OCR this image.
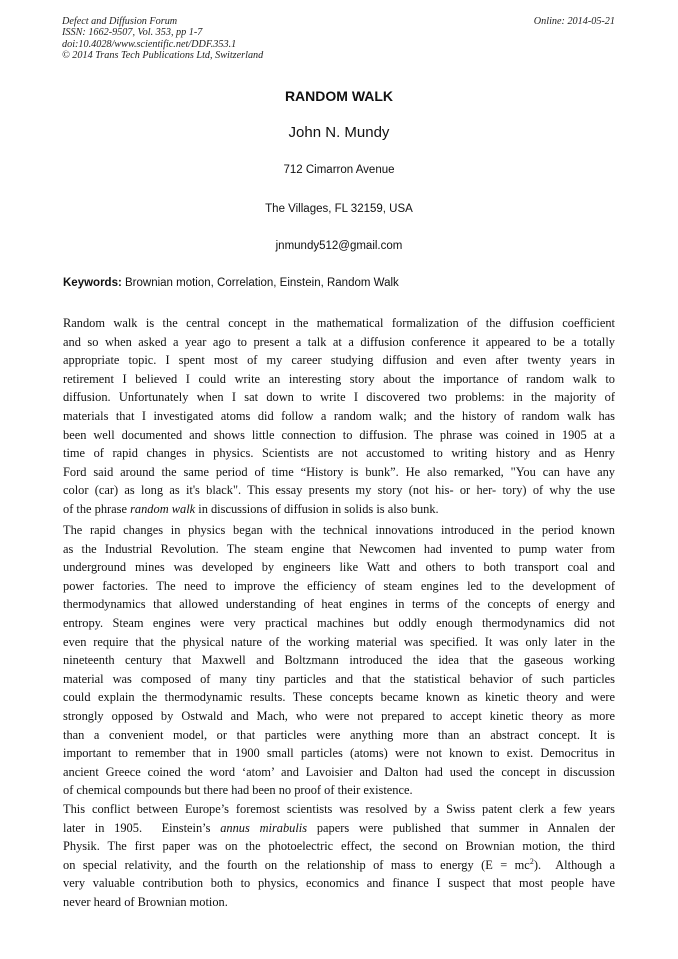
Defect and Diffusion Forum
ISSN: 1662-9507, Vol. 353, pp 1-7
doi:10.4028/www.scientific.net/DDF.353.1
© 2014 Trans Tech Publications Ltd, Switzerland
Online: 2014-05-21
RANDOM WALK
John N. Mundy
712 Cimarron Avenue
The Villages, FL 32159, USA
jnmundy512@gmail.com
Keywords: Brownian motion, Correlation, Einstein, Random Walk
Random walk is the central concept in the mathematical formalization of the diffusion coefficient
and so when asked a year ago to present a talk at a diffusion conference it appeared to be a totally
appropriate topic. I spent most of my career studying diffusion and even after twenty years in
retirement I believed I could write an interesting story about the importance of random walk to
diffusion. Unfortunately when I sat down to write I discovered two problems: in the majority of
materials that I investigated atoms did follow a random walk; and the history of random walk has
been well documented and shows little connection to diffusion. The phrase was coined in 1905 at a
time of rapid changes in physics. Scientists are not accustomed to writing history and as Henry
Ford said around the same period of time “History is bunk”. He also remarked, "You can have any
color (car) as long as it's black". This essay presents my story (not his- or her- tory) of why the use
of the phrase random walk in discussions of diffusion in solids is also bunk.
The rapid changes in physics began with the technical innovations introduced in the period known
as the Industrial Revolution. The steam engine that Newcomen had invented to pump water from
underground mines was developed by engineers like Watt and others to both transport coal and
power factories. The need to improve the efficiency of steam engines led to the development of
thermodynamics that allowed understanding of heat engines in terms of the concepts of energy and
entropy. Steam engines were very practical machines but oddly enough thermodynamics did not
even require that the physical nature of the working material was specified. It was only later in the
nineteenth century that Maxwell and Boltzmann introduced the idea that the gaseous working
material was composed of many tiny particles and that the statistical behavior of such particles
could explain the thermodynamic results. These concepts became known as kinetic theory and were
strongly opposed by Ostwald and Mach, who were not prepared to accept kinetic theory as more
than a convenient model, or that particles were anything more than an abstract concept. It is
important to remember that in 1900 small particles (atoms) were not known to exist. Democritus in
ancient Greece coined the word ‘atom’ and Lavoisier and Dalton had used the concept in discussion
of chemical compounds but there had been no proof of their existence.
This conflict between Europe’s foremost scientists was resolved by a Swiss patent clerk a few years
later in 1905.  Einstein’s annus mirabulis papers were published that summer in Annalen der
Physik. The first paper was on the photoelectric effect, the second on Brownian motion, the third
on special relativity, and the fourth on the relationship of mass to energy $(E = mc^2)$.  Although a
very valuable contribution both to physics, economics and finance I suspect that most people have
never heard of Brownian motion.
